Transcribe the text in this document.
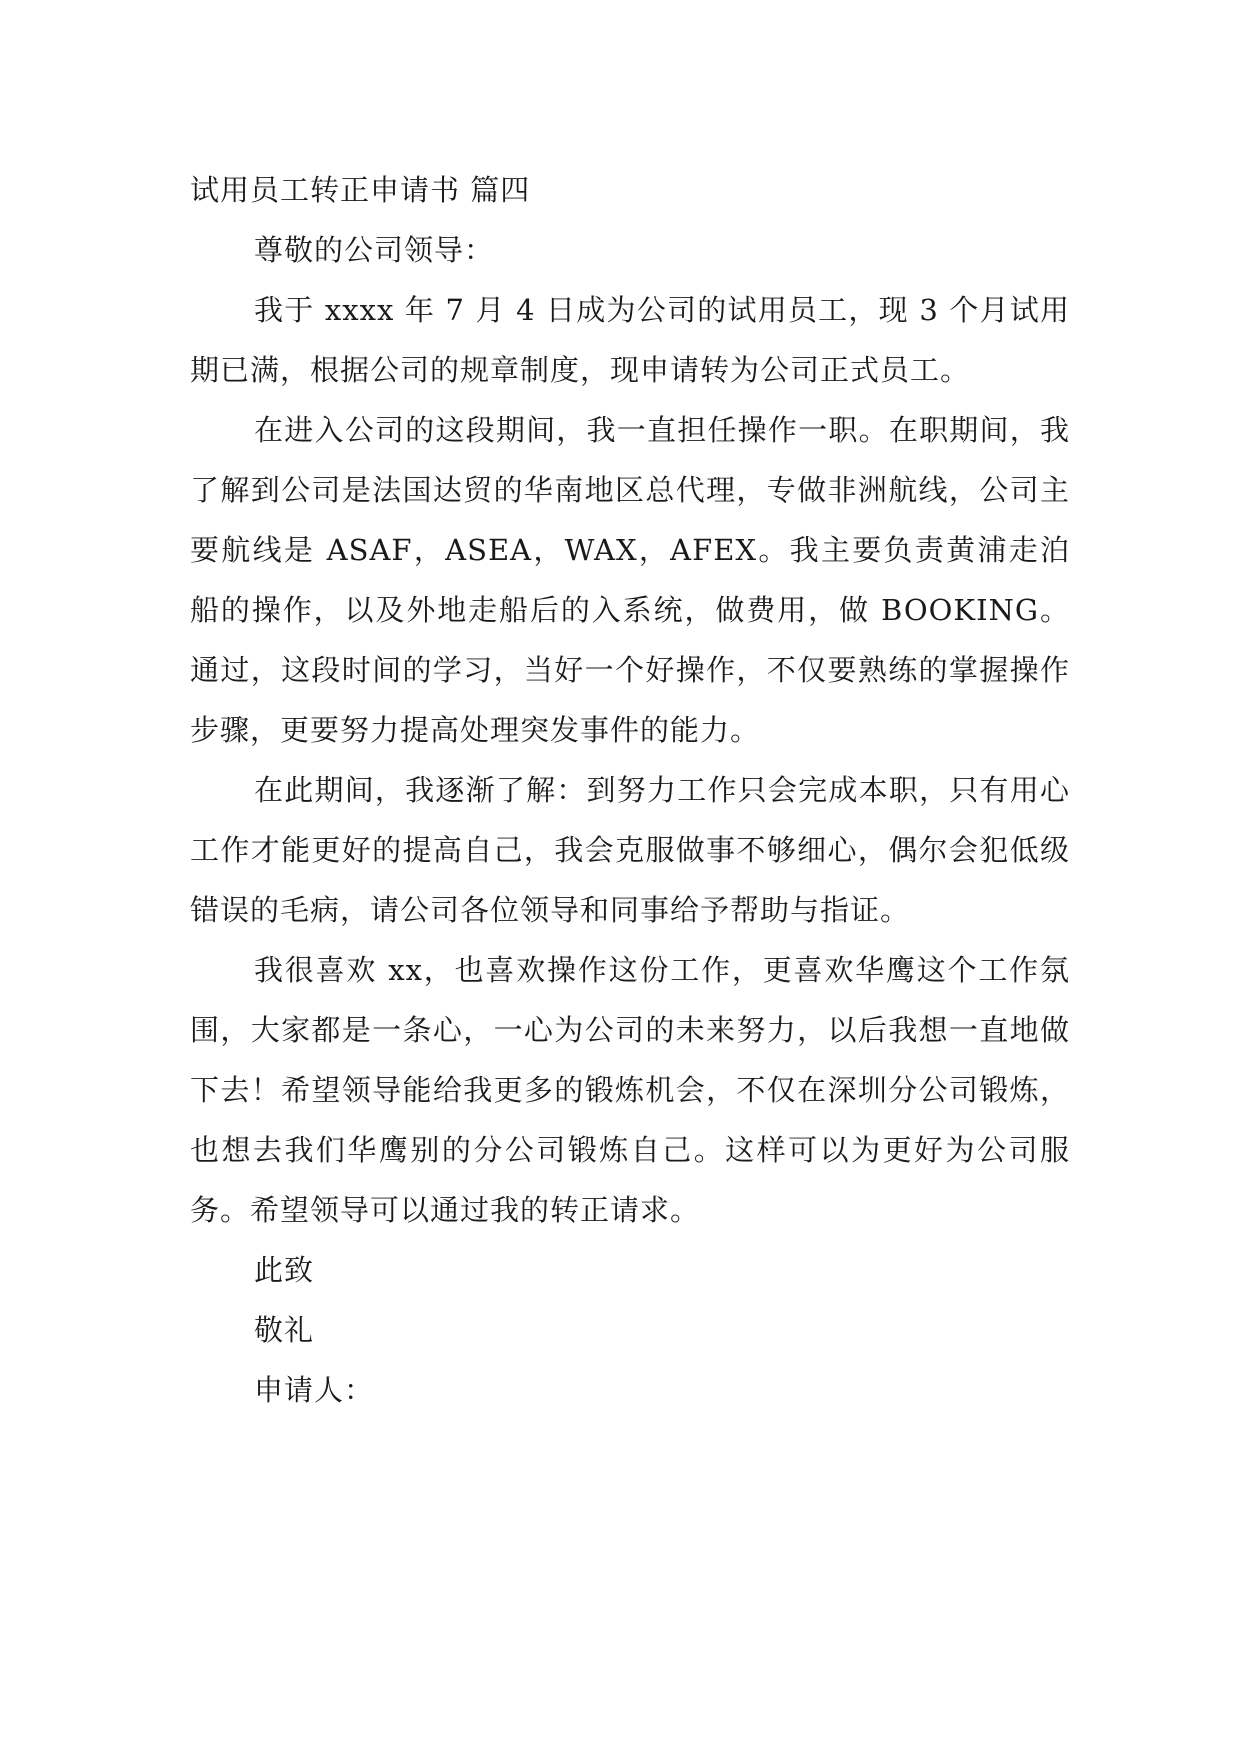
试用员工转正申请书 篇四

尊敬的公司领导：

我于 xxxx 年 7 月 4 日成为公司的试用员工，现 3 个月试用期已满，根据公司的规章制度，现申请转为公司正式员工。

在进入公司的这段期间，我一直担任操作一职。在职期间，我了解到公司是法国达贸的华南地区总代理，专做非洲航线，公司主要航线是 ASAF，ASEA，WAX，AFEX。我主要负责黄浦走泊船的操作，以及外地走船后的入系统，做费用，做 BOOKING。通过，这段时间的学习，当好一个好操作，不仅要熟练的掌握操作步骤，更要努力提高处理突发事件的能力。

在此期间，我逐渐了解：到努力工作只会完成本职，只有用心工作才能更好的提高自己，我会克服做事不够细心，偶尔会犯低级错误的毛病，请公司各位领导和同事给予帮助与指证。

我很喜欢 xx，也喜欢操作这份工作，更喜欢华鹰这个工作氛围，大家都是一条心，一心为公司的未来努力，以后我想一直地做下去！希望领导能给我更多的锻炼机会，不仅在深圳分公司锻炼，也想去我们华鹰别的分公司锻炼自己。这样可以为更好为公司服务。希望领导可以通过我的转正请求。

此致

敬礼

申请人：
